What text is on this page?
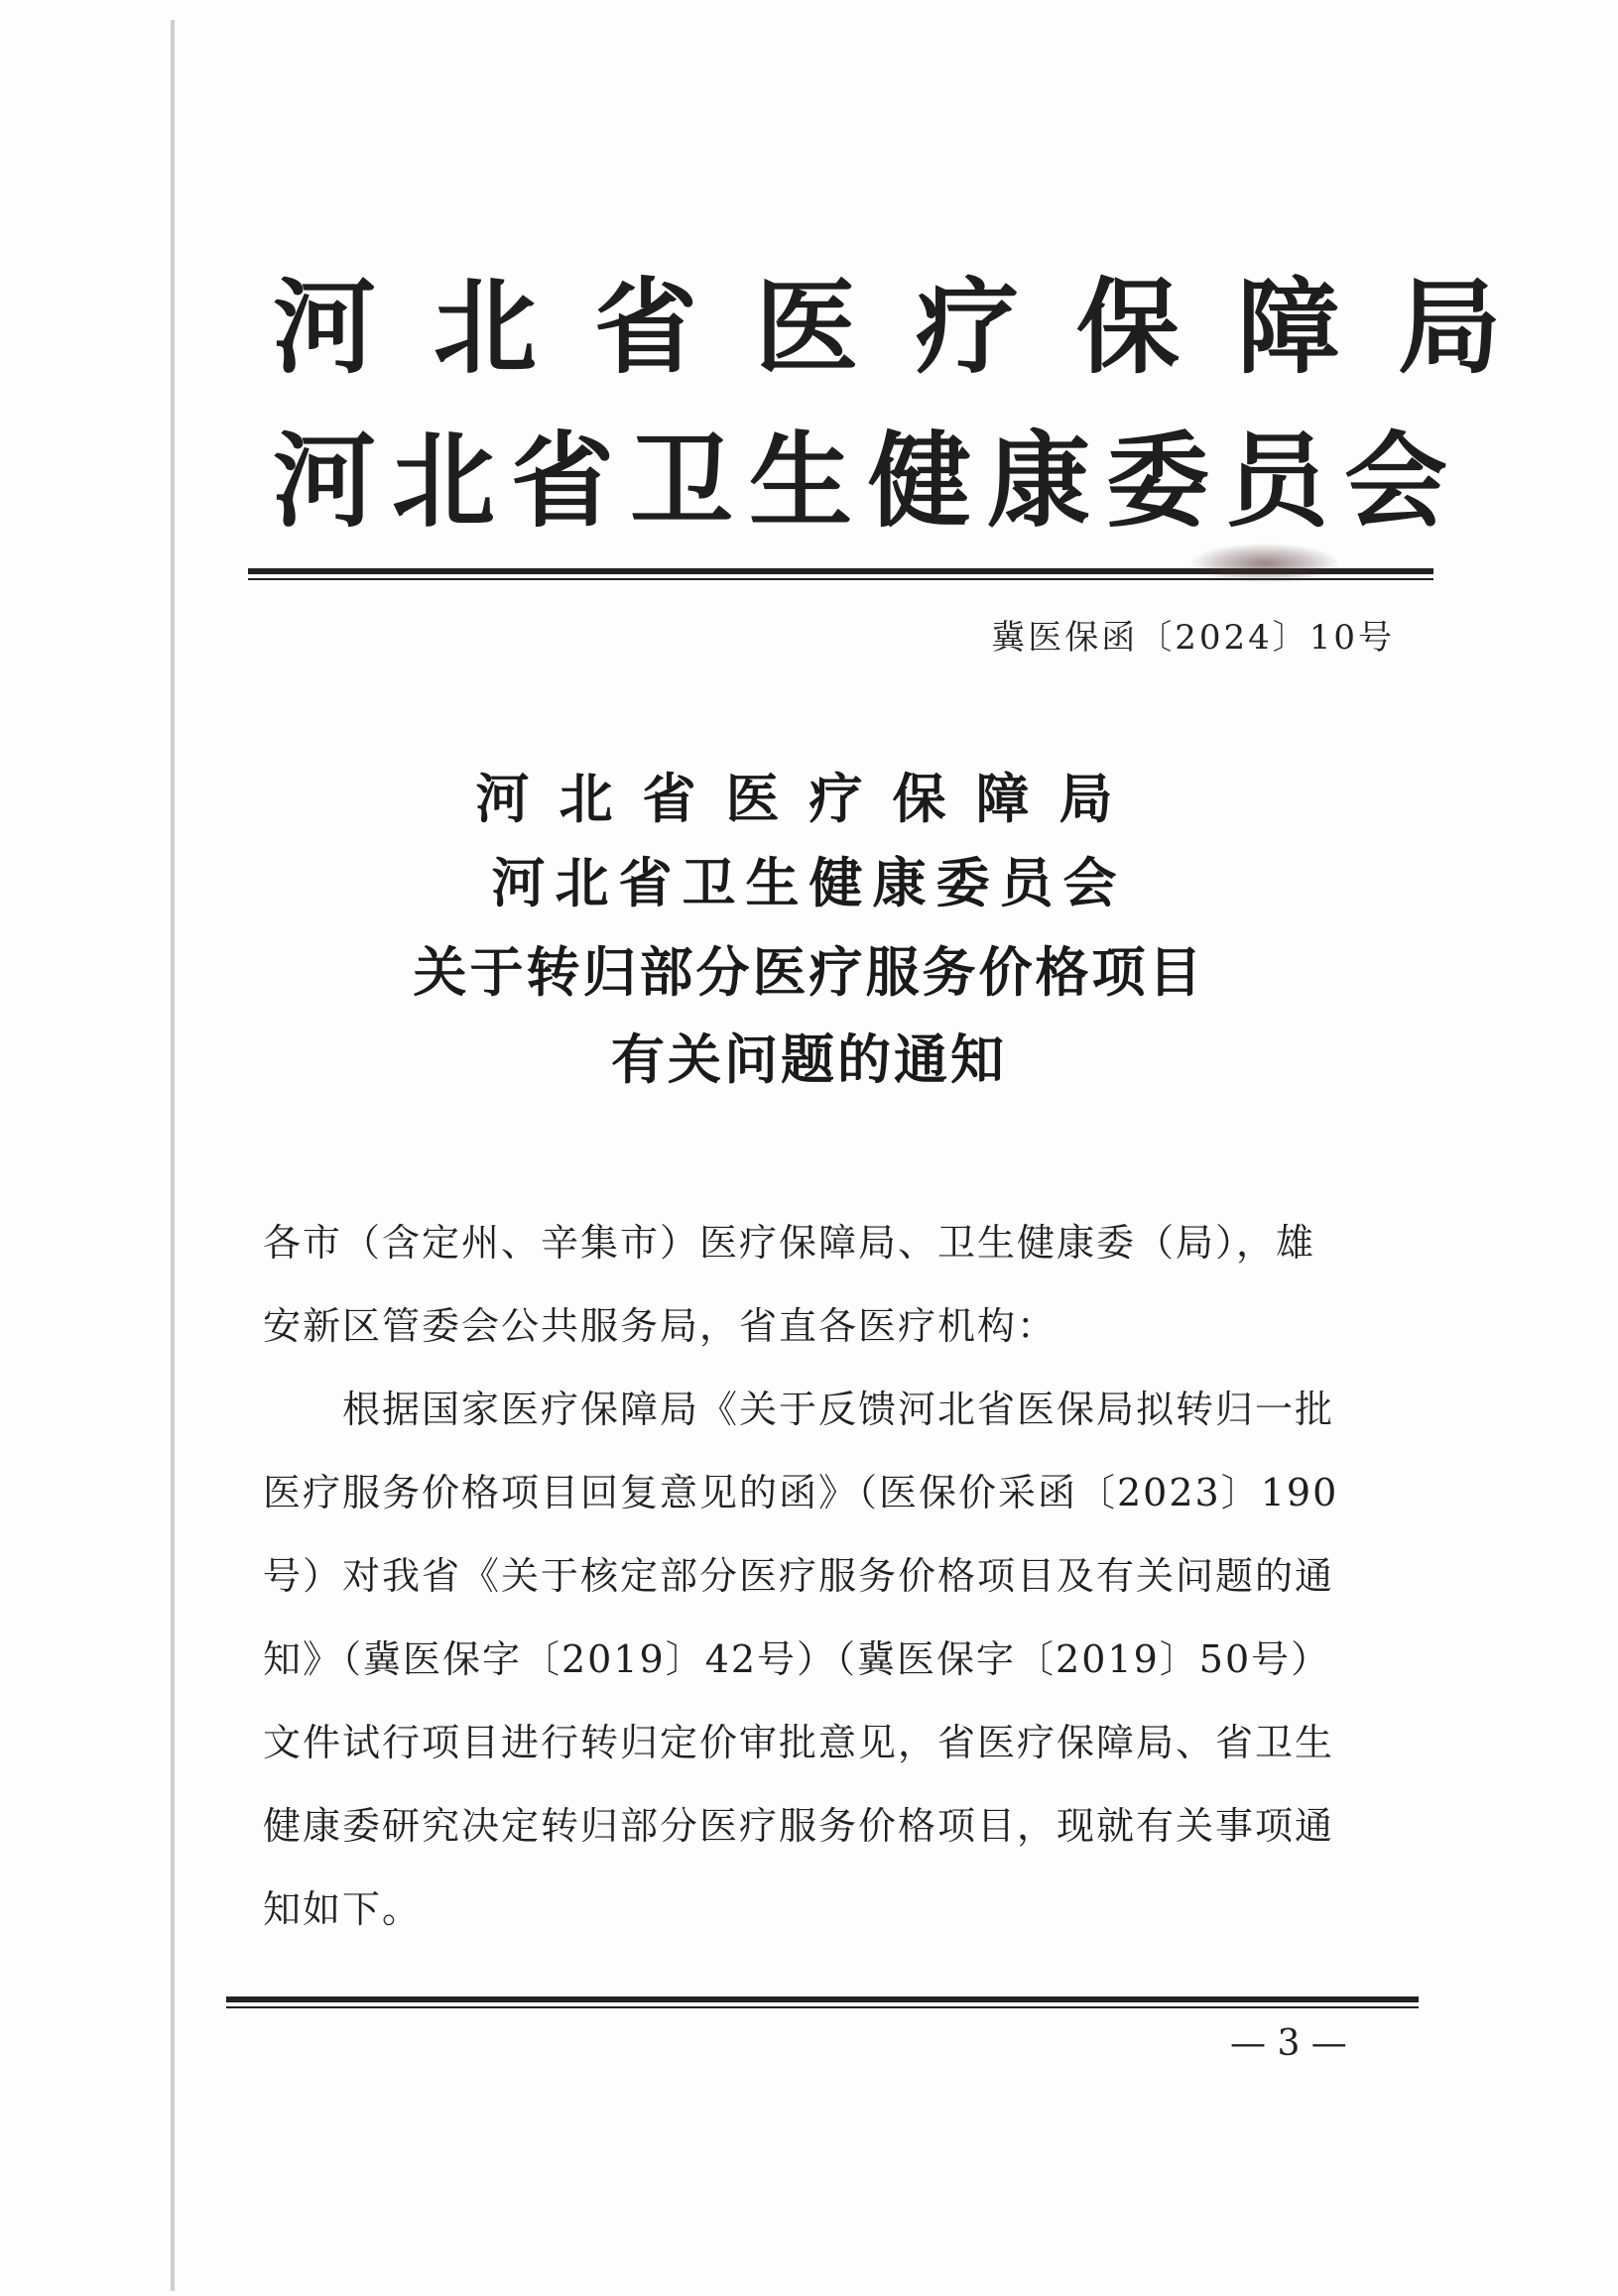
河北省医疗保障局
河北省卫生健康委员会
冀医保函〔2024〕10号
河北省医疗保障局
河北省卫生健康委员会
关于转归部分医疗服务价格项目
有关问题的通知
各市（含定州、辛集市）医疗保障局、卫生健康委（局），雄
安新区管委会公共服务局，省直各医疗机构：
根据国家医疗保障局《关于反馈河北省医保局拟转归一批
医疗服务价格项目回复意见的函》（医保价采函〔2023〕190
号）对我省《关于核定部分医疗服务价格项目及有关问题的通
知》（冀医保字〔2019〕42号）（冀医保字〔2019〕50号）
文件试行项目进行转归定价审批意见，省医疗保障局、省卫生
健康委研究决定转归部分医疗服务价格项目，现就有关事项通
知如下。
— 3 —
